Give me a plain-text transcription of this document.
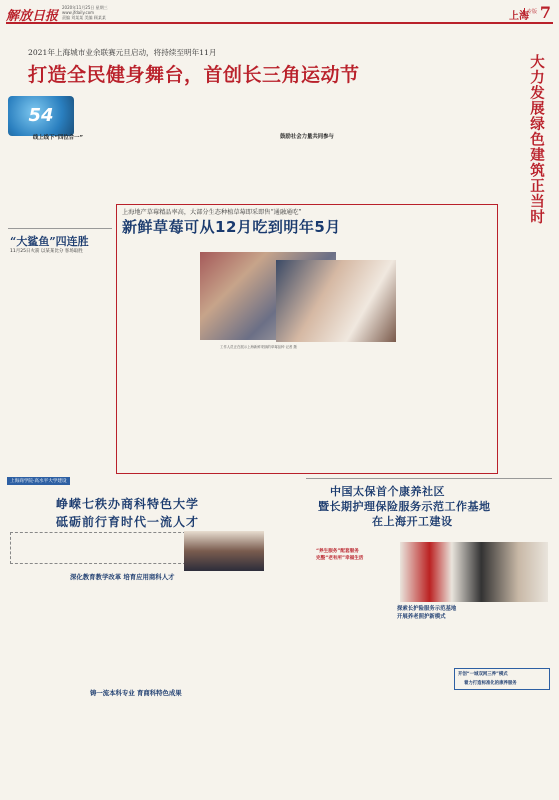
解放日报
2020年11月25日 星期三
www.jfdaily.com
责编 刘某某 美编 顾某某	上海
专版 7
2021年上海城市业余联赛元旦启动，将持续至明年11月
打造全民健身舞台，首创长三角运动节
54
线上线下“四位合一”	鼓励社会力量共同参与
“大鲨鱼”四连胜
11月25日火箭 以某某比分 客场取胜
大力发展绿色建筑正当时
上海地产草莓精品率高，大部分生态种植草莓即采即售“通融通吃”
新鲜草莓可从12月吃到明年5月
工作人员正在展示上海新鲜采摘的草莓品种 记者 摄
上海商学院·高水平大学建设
峥嵘七秩办商科特色大学
砥砺前行育时代一流人才
深化教育教学改革 培育应用商科人才
铸一流本科专业 育商科特色成果
中国太保首个康养社区
暨长期护理保险服务示范工作基地
在上海开工建设
“养生服务”配套服务
完整“老有所”幸福生活
探索长护险服务示范基地
开展养老照护新模式
开创“一城双网三养”模式
着力打造标准化的康养服务
